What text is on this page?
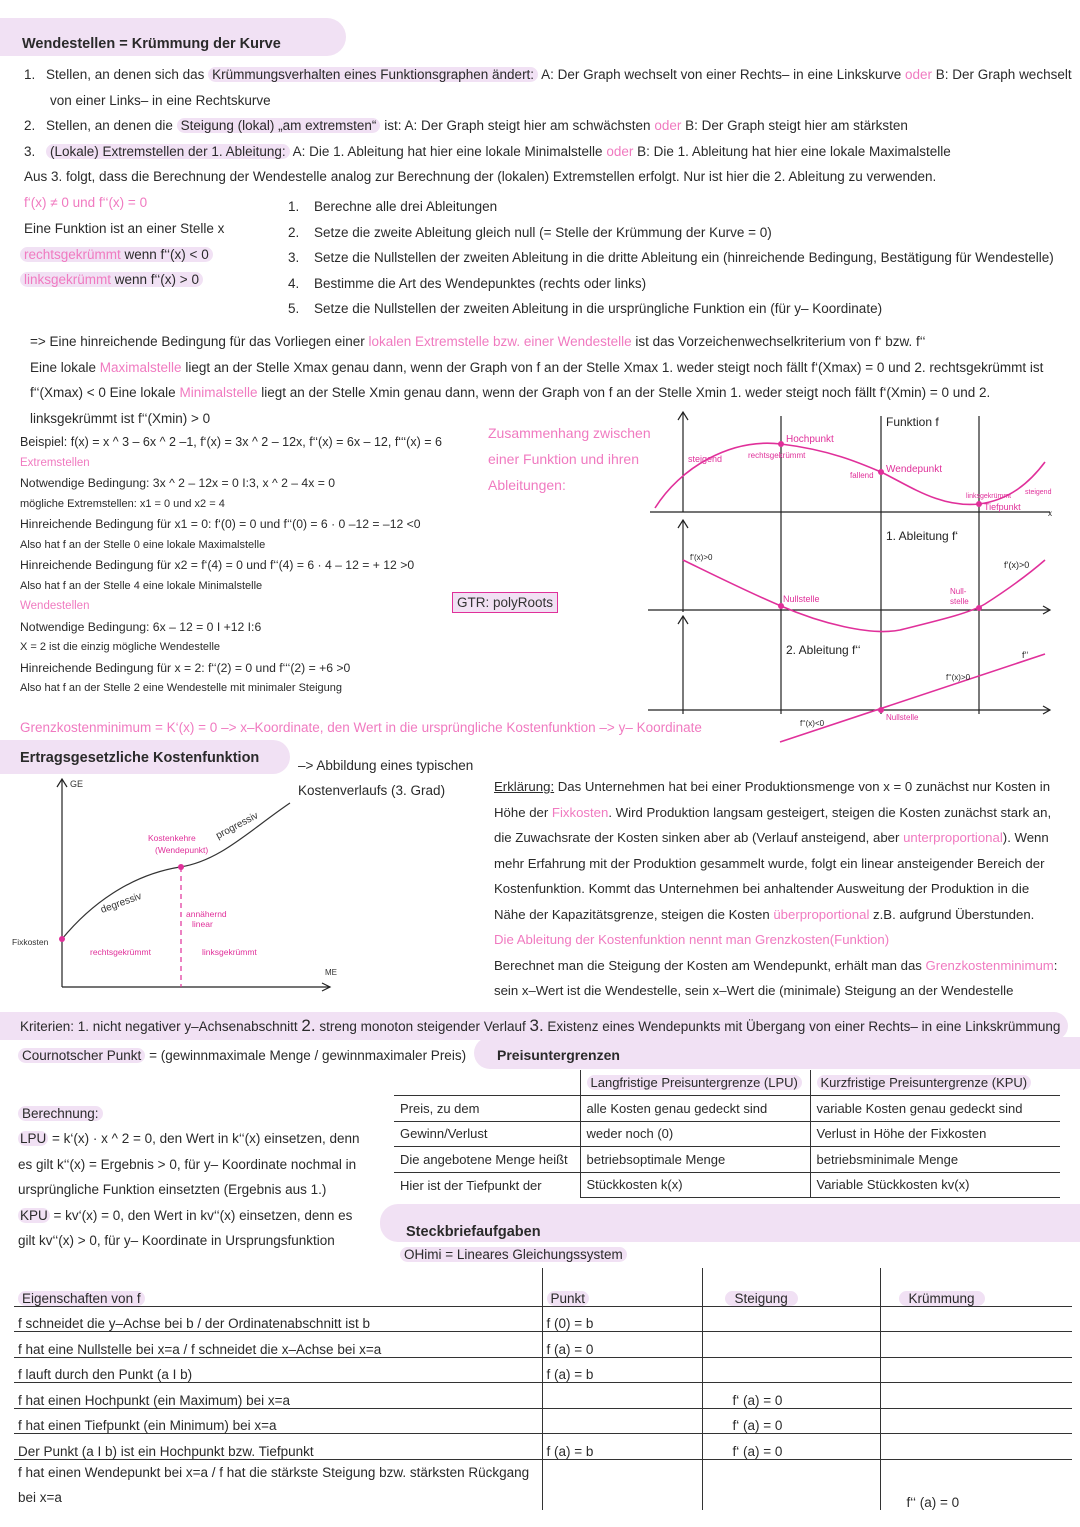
Wendestellen = Krümmung der Kurve
1. Stellen, an denen sich das Krümmungsverhalten eines Funktionsgraphen ändert: A: Der Graph wechselt von einer Rechts– in eine Linkskurve oder B: Der Graph wechselt
von einer Links– in eine Rechtskurve
2. Stellen, an denen die Steigung (lokal) „am extremsten“ ist: A: Der Graph steigt hier am schwächsten oder B: Der Graph steigt hier am stärksten
3. (Lokale) Extremstellen der 1. Ableitung: A: Die 1. Ableitung hat hier eine lokale Minimalstelle oder B: Die 1. Ableitung hat hier eine lokale Maximalstelle
Aus 3. folgt, dass die Berechnung der Wendestelle analog zur Berechnung der (lokalen) Extremstellen erfolgt. Nur ist hier die 2. Ableitung zu verwenden.
f‘(x) ≠ 0 und f‘‘(x) = 0
Eine Funktion ist an einer Stelle x
rechtsgekrümmt wenn f‘‘(x) < 0
linksgekrümmt wenn f‘‘(x) > 0
1. Berechne alle drei Ableitungen
2. Setze die zweite Ableitung gleich null (= Stelle der Krümmung der Kurve = 0)
3. Setze die Nullstellen der zweiten Ableitung in die dritte Ableitung ein (hinreichende Bedingung, Bestätigung für Wendestelle)
4. Bestimme die Art des Wendepunktes (rechts oder links)
5. Setze die Nullstellen der zweiten Ableitung in die ursprüngliche Funktion ein (für y– Koordinate)
=> Eine hinreichende Bedingung für das Vorliegen einer lokalen Extremstelle bzw. einer Wendestelle ist das Vorzeichenwechselkriterium von f‘ bzw. f‘‘
Eine lokale Maximalstelle liegt an der Stelle Xmax genau dann, wenn der Graph von f an der Stelle Xmax 1. weder steigt noch fällt f‘(Xmax) = 0 und 2. rechtsgekrümmt ist
f‘‘(Xmax) < 0 Eine lokale Minimalstelle liegt an der Stelle Xmin genau dann, wenn der Graph von f an der Stelle Xmin 1. weder steigt noch fällt f‘(Xmin) = 0 und 2.
linksgekrümmt ist f‘‘(Xmin) > 0
Beispiel: f(x) = x ^ 3 – 6x ^ 2 –1, f‘(x) = 3x ^ 2 – 12x, f‘‘(x) = 6x – 12, f‘‘‘(x) = 6
Extremstellen
Notwendige Bedingung: 3x ^ 2 – 12x = 0 I:3, x ^ 2 – 4x = 0
mögliche Extremstellen: x1 = 0 und x2 = 4
Hinreichende Bedingung für x1 = 0: f‘(0) = 0 und f‘‘(0) = 6 · 0 –12 = –12 <0
Also hat f an der Stelle 0 eine lokale Maximalstelle
Hinreichende Bedingung für x2 = f‘(4) = 0 und f‘‘(4) = 6 · 4 – 12 = + 12 >0
Also hat f an der Stelle 4 eine lokale Minimalstelle
Wendestellen
Notwendige Bedingung: 6x – 12 = 0 I +12 I:6
X = 2 ist die einzig mögliche Wendestelle
Hinreichende Bedingung für x = 2: f‘‘(2) = 0 und f‘‘‘(2) = +6 >0
Also hat f an der Stelle 2 eine Wendestelle mit minimaler Steigung
Zusammenhang zwischen
einer Funktion und ihren
Ableitungen:
GTR: polyRoots
Hochpunkt
rechtsgekrümmt
steigend
fallend
Wendepunkt
linksgekrümmt
steigend
Tiefpunkt
f‘(x)>0
f‘(x)>0
Nullstelle
Null-
stelle
f‘‘(x)>0
f‘‘
f‘‘(x)<0
Nullstelle
Funktion f
1. Ableitung f‘
2. Ableitung f‘‘
x
Grenzkostenminimum = K‘(x) = 0 –> x–Koordinate, den Wert in die ursprüngliche Kostenfunktion –> y– Koordinate
Ertragsgesetzliche Kostenfunktion	–> Abbildung eines typischen
Kostenverlaufs (3. Grad)
GE
ME
Fixkosten
degressiv
progressiv
Kostenkehre
(Wendepunkt)
annähernd
linear
rechtsgekrümmt	linksgekrümmt
Erklärung: Das Unternehmen hat bei einer Produktionsmenge von x = 0 zunächst nur Kosten in
Höhe der Fixkosten. Wird Produktion langsam gesteigert, steigen die Kosten zunächst stark an,
die Zuwachsrate der Kosten sinken aber ab (Verlauf ansteigend, aber unterproportional). Wenn
mehr Erfahrung mit der Produktion gesammelt wurde, folgt ein linear ansteigender Bereich der
Kostenfunktion. Kommt das Unternehmen bei anhaltender Ausweitung der Produktion in die
Nähe der Kapazitätsgrenze, steigen die Kosten überproportional z.B. aufgrund Überstunden.
Die Ableitung der Kostenfunktion nennt man Grenzkosten(Funktion)
Berechnet man die Steigung der Kosten am Wendepunkt, erhält man das Grenzkostenminimum:
sein x–Wert ist die Wendestelle, sein x–Wert die (minimale) Steigung an der Wendestelle
Kriterien: 1. nicht negativer y–Achsenabschnitt 2. streng monoton steigender Verlauf 3. Existenz eines Wendepunkts mit Übergang von einer Rechts– in eine Linkskrümmung
Cournotscher Punkt = (gewinnmaximale Menge / gewinnmaximaler Preis)
Berechnung:
LPU = k‘(x) · x ^ 2 = 0, den Wert in k‘‘(x) einsetzen, denn
es gilt k‘‘(x) = Ergebnis > 0, für y– Koordinate nochmal in
ursprüngliche Funktion einsetzten (Ergebnis aus 1.)
KPU = kv‘(x) = 0, den Wert in kv‘‘(x) einsetzen, denn es
gilt kv‘‘(x) > 0, für y– Koordinate in Ursprungsfunktion
Preisuntergrenzen
	Langfristige Preisuntergrenze (LPU)	Kurzfristige Preisuntergrenze (KPU)
Preis, zu dem	alle Kosten genau gedeckt sind	variable Kosten genau gedeckt sind
Gewinn/Verlust	weder noch (0)	Verlust in Höhe der Fixkosten
Die angebotene Menge heißt	betriebsoptimale Menge	betriebsminimale Menge
Hier ist der Tiefpunkt der	Stückkosten k(x)	Variable Stückkosten kv(x)
Steckbriefaufgaben
OHimi = Lineares Gleichungssystem
Eigenschaften von f	Punkt	Steigung	Krümmung
f schneidet die y–Achse bei b / der Ordinatenabschnitt ist b	f (0) = b		
f hat eine Nullstelle bei x=a / f schneidet die x–Achse bei x=a	f (a) = 0		
f lauft durch den Punkt (a I b)	f (a) = b		
f hat einen Hochpunkt (ein Maximum) bei x=a		f‘ (a) = 0	
f hat einen Tiefpunkt (ein Minimum) bei x=a		f‘ (a) = 0	
Der Punkt (a I b) ist ein Hochpunkt bzw. Tiefpunkt	f (a) = b	f‘ (a) = 0	

f hat einen Wendepunkt bei x=a / f hat die stärkste Steigung bzw. stärksten Rückgang
bei x=a			f‘‘ (a) = 0
